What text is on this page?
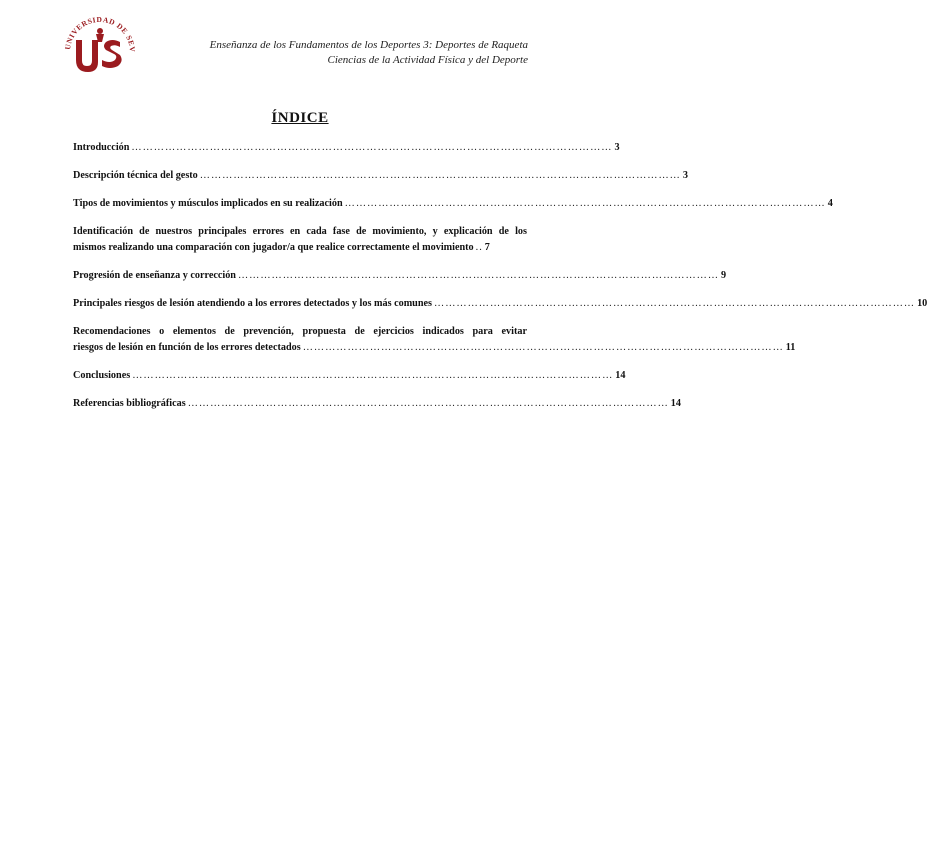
UNIVERSIDAD DE SEV	Enseñanza de los Fundamentos de los Deportes 3: Deportes de Raqueta
Ciencias de la Actividad Física y del Deporte
ÍNDICE
Introducción ………………………………………………………………………………………………………………… 3
Descripción técnica del gesto ………………………………………………………………………………………………………………… 3
Tipos de movimientos y músculos implicados en su realización ………………………………………………………………………………………………………………… 4
Identificación de nuestros principales errores en cada fase de movimiento, y explicación de los
mismos realizando una comparación con jugador/a que realice correctamente el movimiento .. 7
Progresión de enseñanza y corrección ………………………………………………………………………………………………………………… 9
Principales riesgos de lesión atendiendo a los errores detectados y los más comunes ………………………………………………………………………………………………………………… 10
Recomendaciones o elementos de prevención, propuesta de ejercicios indicados para evitar
riesgos de lesión en función de los errores detectados ………………………………………………………………………………………………………………… 11
Conclusiones ………………………………………………………………………………………………………………… 14
Referencias bibliográficas ………………………………………………………………………………………………………………… 14
